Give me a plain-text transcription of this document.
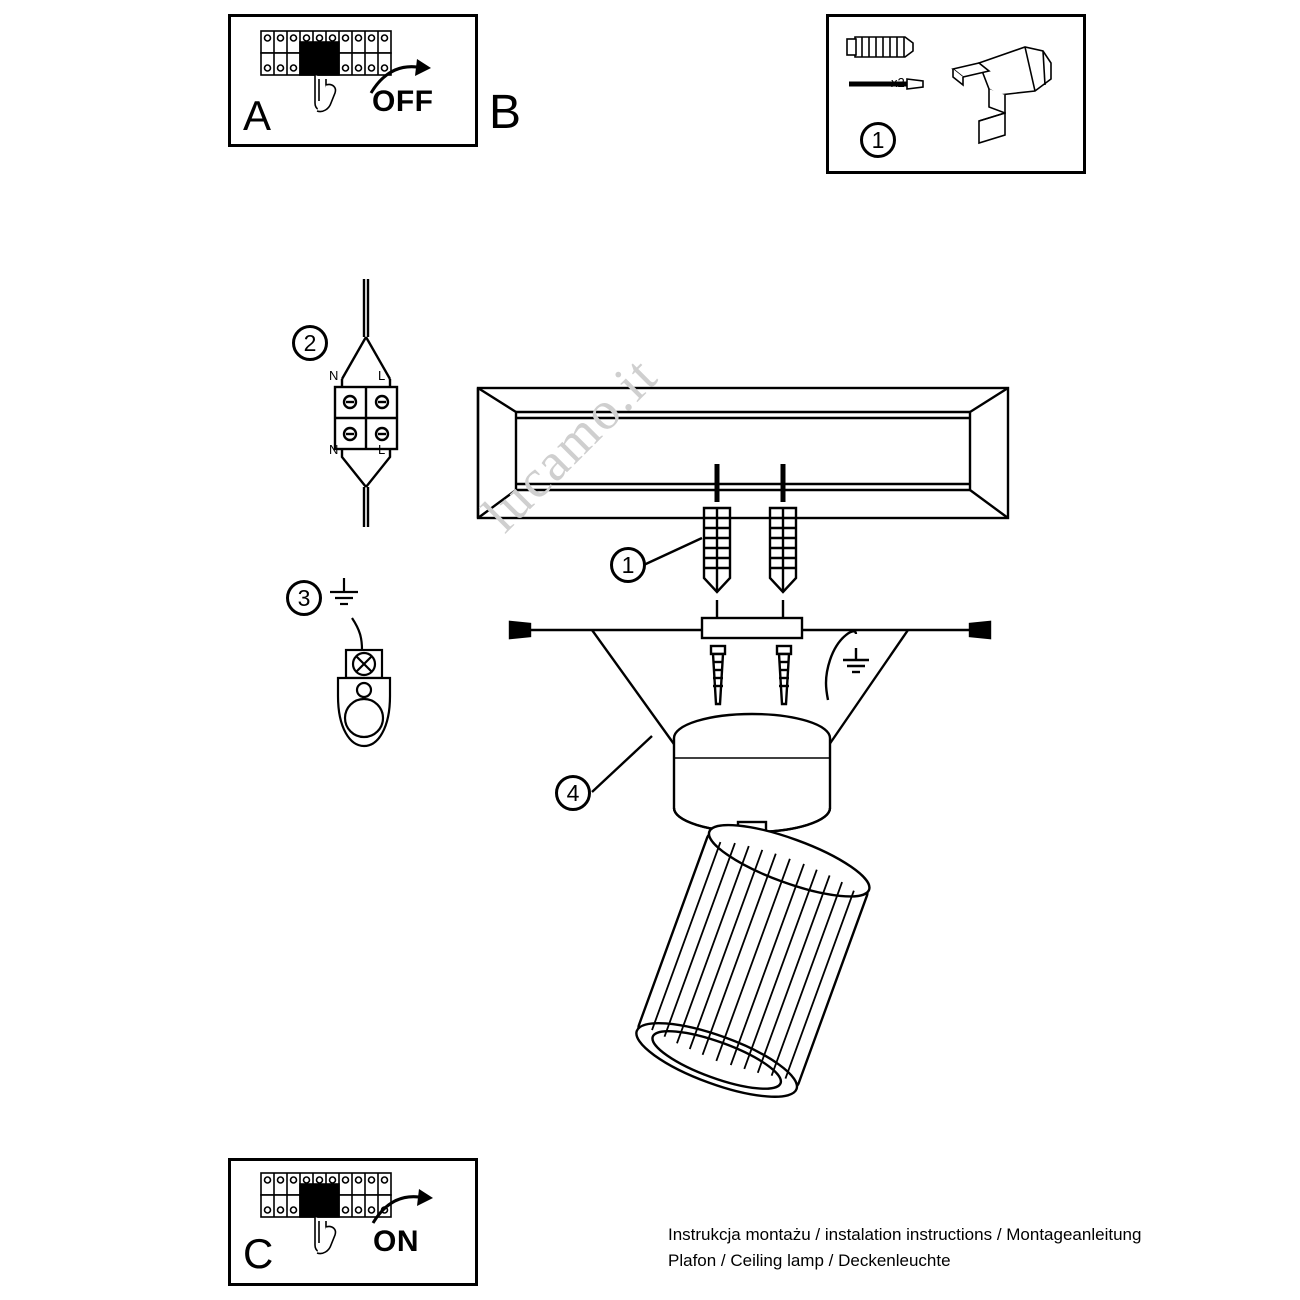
A	OFF B
x2
1
2
N	L
N	L
3
1
4
lucamo.it
C	ON	Instrukcja montażu / instalation instructions / Montageanleitung
Plafon / Ceiling lamp / Deckenleuchte
